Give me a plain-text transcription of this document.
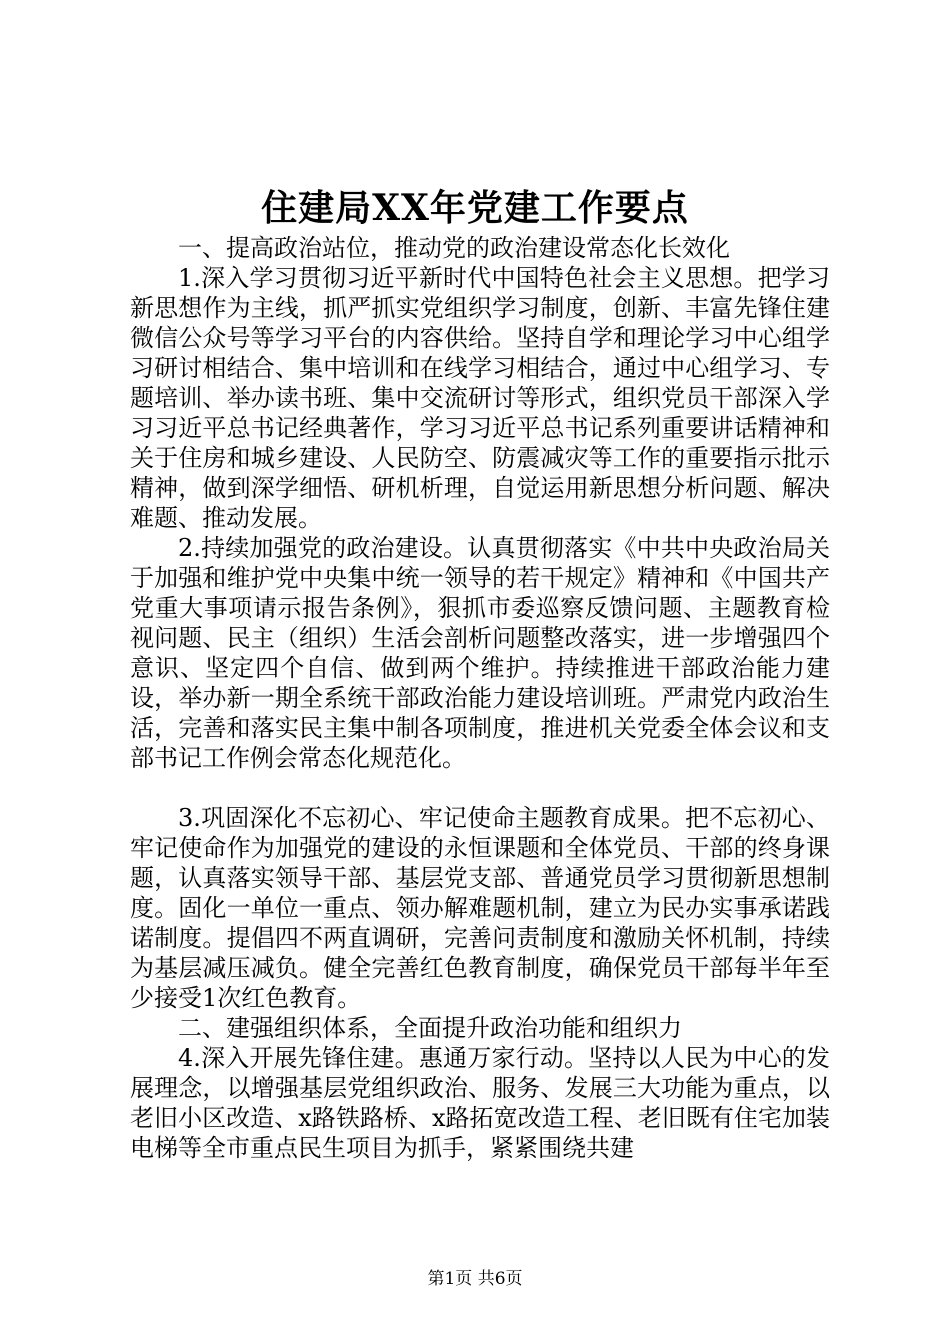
住建局XX年党建工作要点

一、提高政治站位，推动党的政治建设常态化长效化

1.深入学习贯彻习近平新时代中国特色社会主义思想。把学习新思想作为主线，抓严抓实党组织学习制度，创新、丰富先锋住建微信公众号等学习平台的内容供给。坚持自学和理论学习中心组学习研讨相结合、集中培训和在线学习相结合，通过中心组学习、专题培训、举办读书班、集中交流研讨等形式，组织党员干部深入学习习近平总书记经典著作，学习习近平总书记系列重要讲话精神和关于住房和城乡建设、人民防空、防震减灾等工作的重要指示批示精神，做到深学细悟、研机析理，自觉运用新思想分析问题、解决难题、推动发展。

2.持续加强党的政治建设。认真贯彻落实《中共中央政治局关于加强和维护党中央集中统一领导的若干规定》精神和《中国共产党重大事项请示报告条例》，狠抓市委巡察反馈问题、主题教育检视问题、民主（组织）生活会剖析问题整改落实，进一步增强四个意识、坚定四个自信、做到两个维护。持续推进干部政治能力建设，举办新一期全系统干部政治能力建设培训班。严肃党内政治生活，完善和落实民主集中制各项制度，推进机关党委全体会议和支部书记工作例会常态化规范化。

3.巩固深化不忘初心、牢记使命主题教育成果。把不忘初心、牢记使命作为加强党的建设的永恒课题和全体党员、干部的终身课题，认真落实领导干部、基层党支部、普通党员学习贯彻新思想制度。固化一单位一重点、领办解难题机制，建立为民办实事承诺践诺制度。提倡四不两直调研，完善问责制度和激励关怀机制，持续为基层减压减负。健全完善红色教育制度，确保党员干部每半年至少接受1次红色教育。

二、建强组织体系，全面提升政治功能和组织力

4.深入开展先锋住建。惠通万家行动。坚持以人民为中心的发展理念，以增强基层党组织政治、服务、发展三大功能为重点，以老旧小区改造、x路铁路桥、x路拓宽改造工程、老旧既有住宅加装电梯等全市重点民生项目为抓手，紧紧围绕共建

第1页 共6页
